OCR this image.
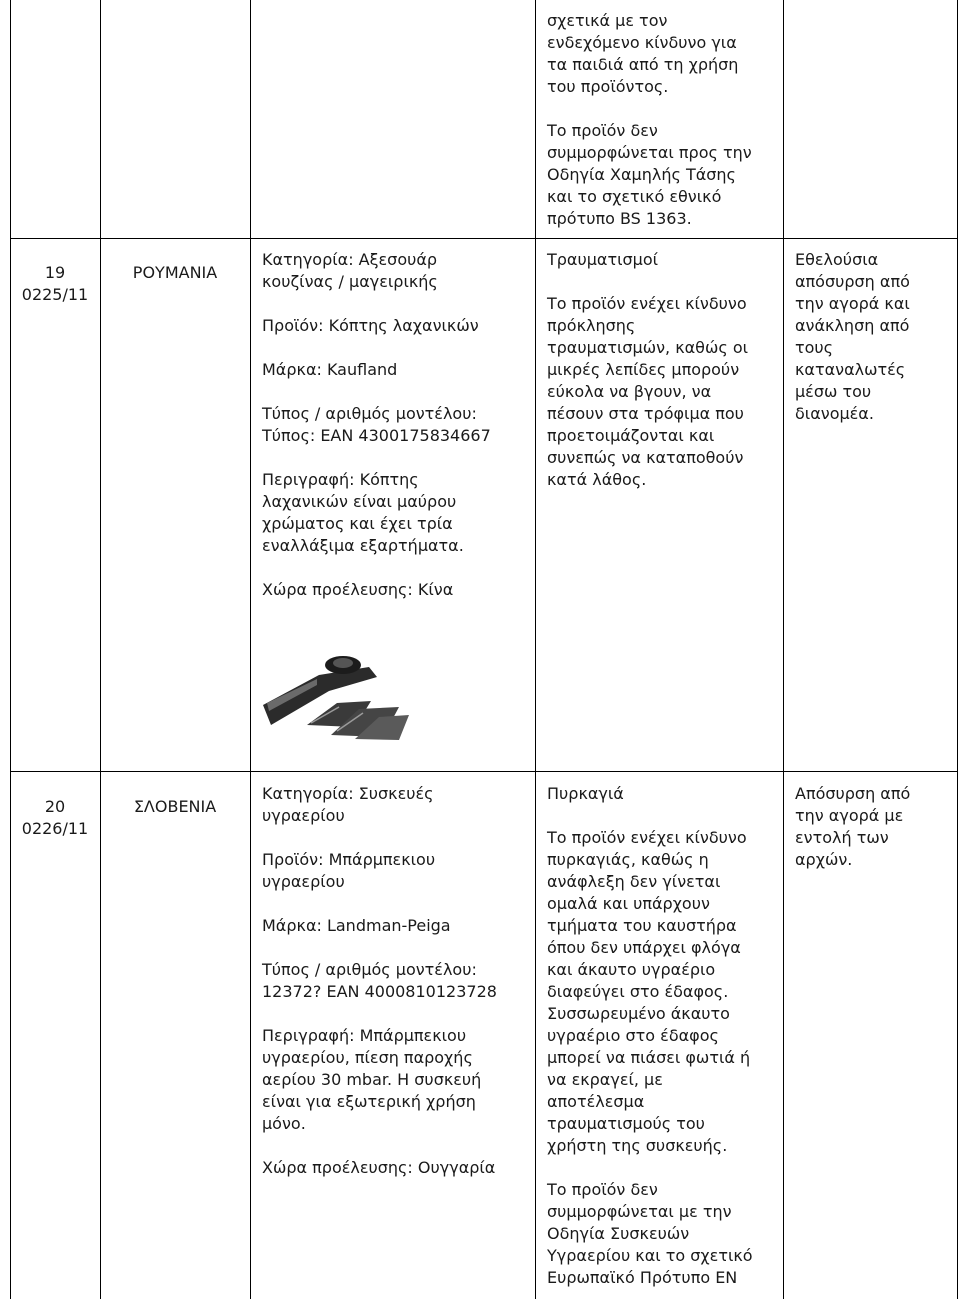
σχετικά με τον
ενδεχόμενο κίνδυνο για
τα παιδιά από τη χρήση
του προϊόντος.

Το προϊόν δεν
συμμορφώνεται προς την
Οδηγία Χαμηλής Τάσης
και το σχετικό εθνικό
πρότυπο BS 1363.

19
0225/11
ΡΟΥΜΑΝΙΑ

Κατηγορία: Αξεσουάρ
κουζίνας / μαγειρικής

Προϊόν: Κόπτης λαχανικών

Μάρκα: Kaufland

Τύπος / αριθμός μοντέλου:
Τύπος: EAN 4300175834667

Περιγραφή: Κόπτης
λαχανικών είναι μαύρου
χρώματος και έχει τρία
εναλλάξιμα εξαρτήματα.

Χώρα προέλευσης: Κίνα

Τραυματισμοί

Το προϊόν ενέχει κίνδυνο
πρόκλησης
τραυματισμών, καθώς οι
μικρές λεπίδες μπορούν
εύκολα να βγουν, να
πέσουν στα τρόφιμα που
προετοιμάζονται και
συνεπώς να καταποθούν
κατά λάθος.

Εθελούσια
απόσυρση από
την αγορά και
ανάκληση από
τους
καταναλωτές
μέσω του
διανομέα.

20
0226/11
ΣΛΟΒΕΝΙΑ

Κατηγορία: Συσκευές
υγραερίου

Προϊόν: Μπάρμπεκιου
υγραερίου

Μάρκα: Landman-Peiga

Τύπος / αριθμός μοντέλου:
12372? EAN 4000810123728

Περιγραφή: Μπάρμπεκιου
υγραερίου, πίεση παροχής
αερίου 30 mbar. Η συσκευή
είναι για εξωτερική χρήση
μόνο.

Χώρα προέλευσης: Ουγγαρία

Πυρκαγιά

Το προϊόν ενέχει κίνδυνο
πυρκαγιάς, καθώς η
ανάφλεξη δεν γίνεται
ομαλά και υπάρχουν
τμήματα του καυστήρα
όπου δεν υπάρχει φλόγα
και άκαυτο υγραέριο
διαφεύγει στο έδαφος.
Συσσωρευμένο άκαυτο
υγραέριο στο έδαφος
μπορεί να πιάσει φωτιά ή
να εκραγεί, με
αποτέλεσμα
τραυματισμούς του
χρήστη της συσκευής.

Το προϊόν δεν
συμμορφώνεται με την
Οδηγία Συσκευών
Υγραερίου και το σχετικό
Ευρωπαϊκό Πρότυπο EN

Απόσυρση από
την αγορά με
εντολή των
αρχών.
